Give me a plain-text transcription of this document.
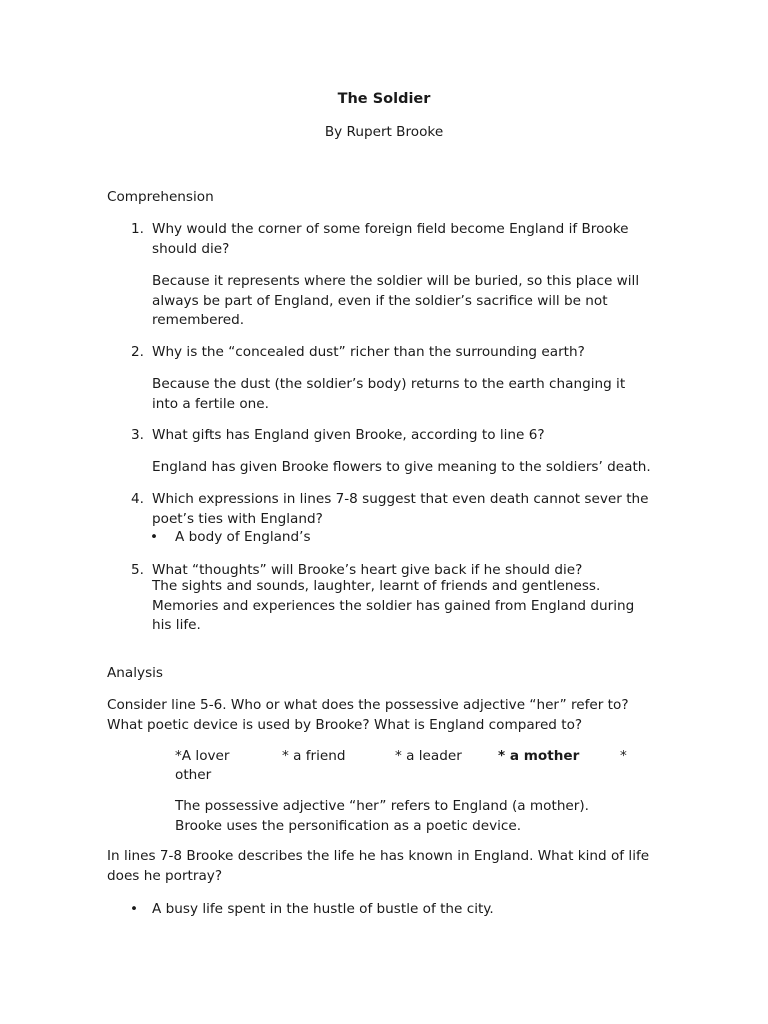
The Soldier

By Rupert Brooke

Comprehension

1. Why would the corner of some foreign field become England if Brooke should die?

Because it represents where the soldier will be buried, so this place will always be part of England, even if the soldier’s sacrifice will be not remembered.

2. Why is the “concealed dust” richer than the surrounding earth?

Because the dust (the soldier’s body) returns to the earth changing it into a fertile one.

3. What gifts has England given Brooke, according to line 6?

England has given Brooke flowers to give meaning to the soldiers’ death.

4. Which expressions in lines 7-8 suggest that even death cannot sever the poet’s ties with England?

• A body of England’s

5. What “thoughts” will Brooke’s heart give back if he should die?

The sights and sounds, laughter, learnt of friends and gentleness. Memories and experiences the soldier has gained from England during his life.

Analysis

Consider line 5-6. Who or what does the possessive adjective “her” refer to? What poetic device is used by Brooke? What is England compared to?

*A lover	* a friend	* a leader	* a mother	*
other

The possessive adjective “her” refers to England (a mother). Brooke uses the personification as a poetic device.

In lines 7-8 Brooke describes the life he has known in England. What kind of life does he portray?

• A busy life spent in the hustle of bustle of the city.
